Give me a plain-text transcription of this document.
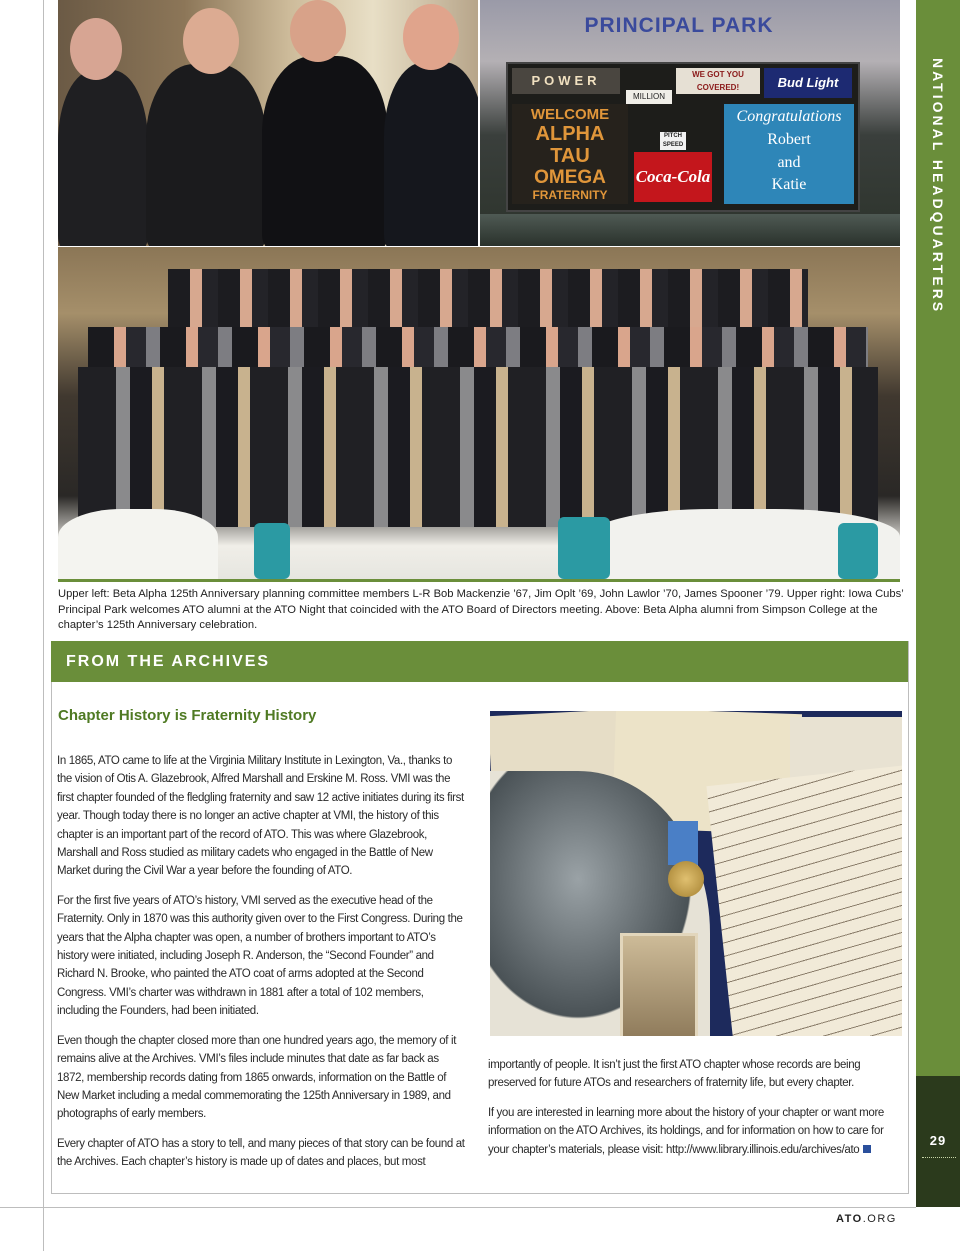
NATIONAL HEADQUARTERS
29
PRINCIPAL PARK
POWER	WE GOT YOU COVERED!	Bud Light
MILLION
WELCOME
ALPHA
TAU
OMEGA
FRATERNITY
PITCH SPEED
Coca-Cola
Congratulations
Robert
and
Katie
Upper left: Beta Alpha 125th Anniversary planning committee members L-R Bob Mackenzie ’67, Jim Oplt ’69, John Lawlor ’70, James Spooner ’79. Upper right: Iowa Cubs’ Principal Park welcomes ATO alumni at the ATO Night that coincided with the ATO Board of Directors meeting. Above: Beta Alpha alumni from Simpson College at the chapter’s 125th Anniversary celebration.
FROM THE ARCHIVES
Chapter History is Fraternity History

In 1865, ATO came to life at the Virginia Military Institute in Lexington, Va., thanks to the vision of Otis A. Glazebrook, Alfred Marshall and Erskine M. Ross. VMI was the first chapter founded of the fledgling fraternity and saw 12 active initiates during its first year. Though today there is no longer an active chapter at VMI, the history of this chapter is an important part of the record of ATO. This was where Glazebrook, Marshall and Ross studied as military cadets who engaged in the Battle of New Market during the Civil War a year before the founding of ATO.

For the first five years of ATO’s history, VMI served as the executive head of the Fraternity. Only in 1870 was this authority given over to the First Congress. During the years that the Alpha chapter was open, a number of brothers important to ATO’s history were initiated, including Joseph R. Anderson, the “Second Founder” and Richard N. Brooke, who painted the ATO coat of arms adopted at the Second Congress. VMI’s charter was withdrawn in 1881 after a total of 102 members, including the Founders, had been initiated.

Even though the chapter closed more than one hundred years ago, the memory of it remains alive at the Archives. VMI’s files include minutes that date as far back as 1872, membership records dating from 1865 onwards, information on the Battle of New Market including a medal commemorating the 125th Anniversary in 1989, and photographs of early members.

Every chapter of ATO has a story to tell, and many pieces of that story can be found at the Archives. Each chapter’s history is made up of dates and places, but most

importantly of people. It isn’t just the first ATO chapter whose records are being preserved for future ATOs and researchers of fraternity life, but every chapter.

If you are interested in learning more about the history of your chapter or want more information on the ATO Archives, its holdings, and for information on how to care for your chapter’s materials, please visit: http://www.library.illinois.edu/archives/ato

ATO.ORG
